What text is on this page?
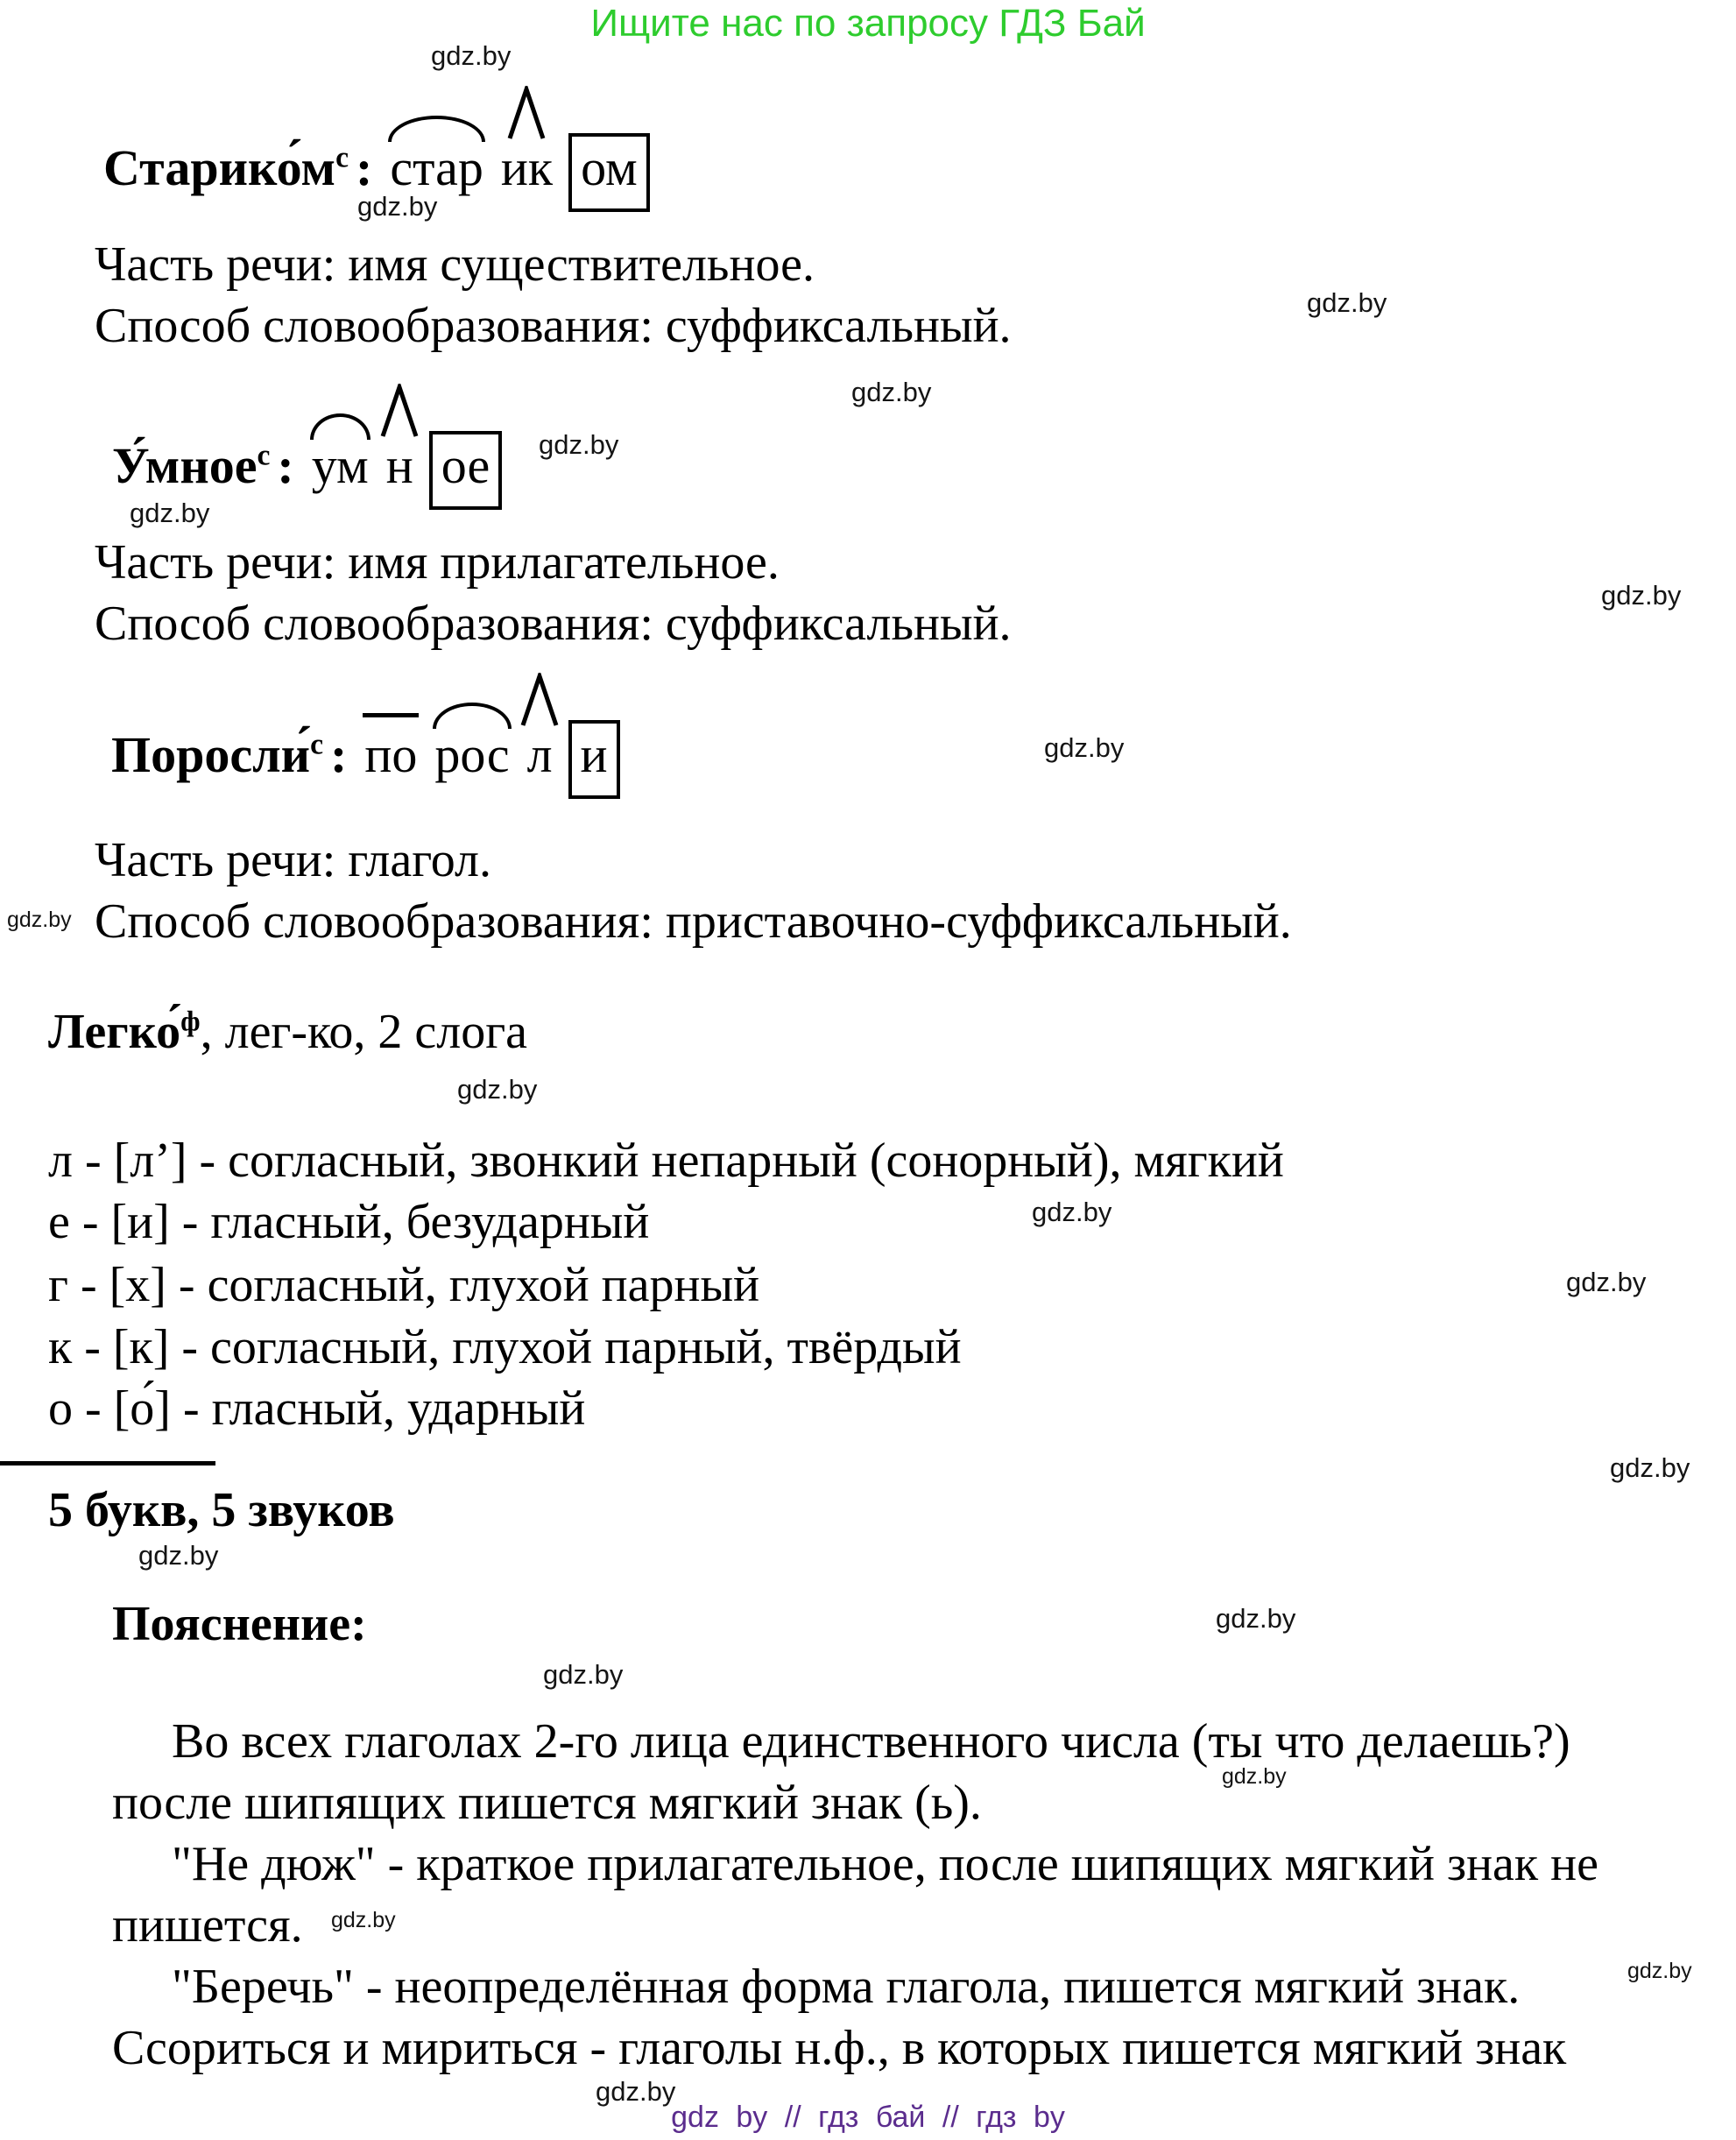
Ищите нас по запросу ГДЗ Бай
gdz.by
gdz.by
gdz.by
gdz.by
gdz.by
gdz.by
gdz.by
gdz.by
gdz.by
gdz.by
gdz.by
gdz.by
gdz.by
gdz.by
gdz.by
gdz.by
gdz.by
gdz.by
gdz.by
gdz.by
$Старико́м^с$ : стар ик ом
Часть речи: имя существительное.
Способ словообразования: суффиксальный.
У́мное$^с$ : ум н ое
Часть речи: имя прилагательное.
Способ словообразования: суффиксальный.
Поросли́$^с$ : по рос л и
Часть речи: глагол.
Способ словообразования: приставочно-суффиксальный.
Легко́$^ф$, лег-ко, 2 слога
л - [л’] - согласный, звонкий непарный (сонорный), мягкий
е - [и] - гласный, безударный
г - [х] - согласный, глухой парный
к - [к] - согласный, глухой парный, твёрдый
о - [о́] - гласный, ударный
5 букв, 5 звуков
Пояснение:
Во всех глаголах 2-го лица единственного числа (ты что делаешь?)
после шипящих пишется мягкий знак (ь).
"Не дюж" - краткое прилагательное, после шипящих мягкий знак не
пишется.
"Беречь" - неопределённая форма глагола, пишется мягкий знак.
Ссориться и мириться - глаголы н.ф., в которых пишется мягкий знак
gdz by // гдз бай // гдз by
